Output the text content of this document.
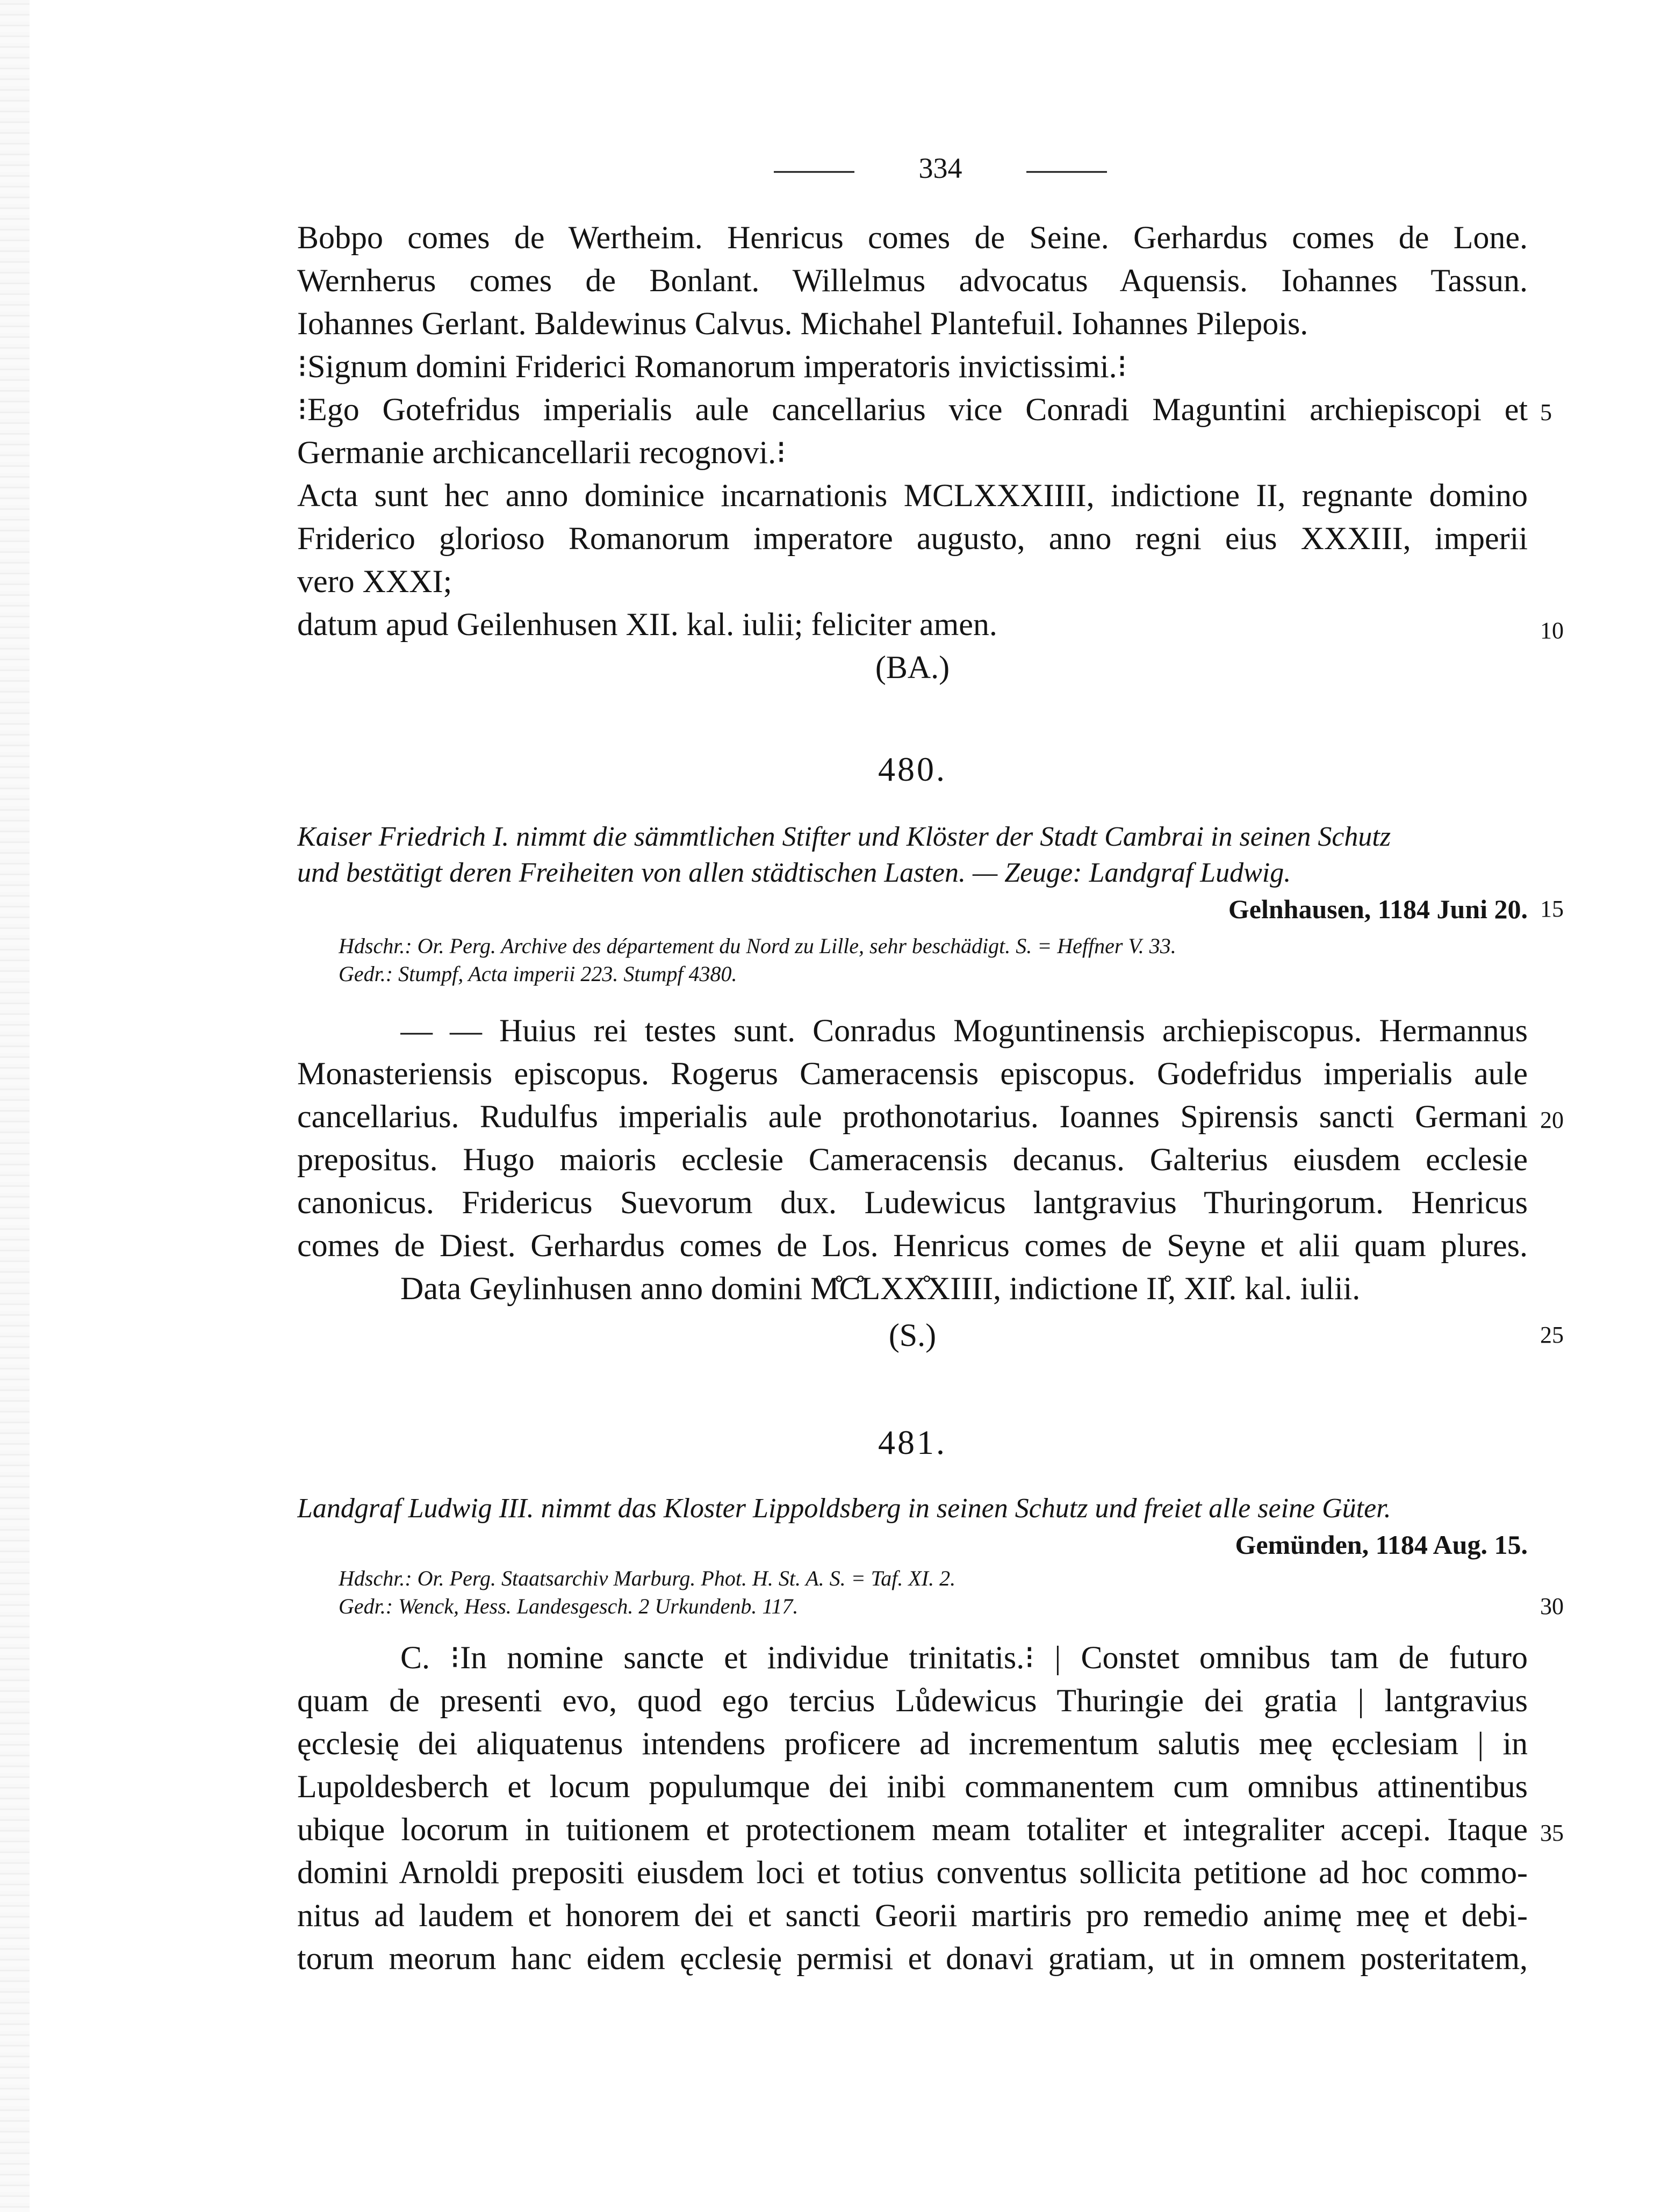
334
Bobpo comes de Wertheim. Henricus comes de Seine. Gerhardus comes de Lone.
Wernherus comes de Bonlant. Willelmus advocatus Aquensis. Iohannes Tassun.
Iohannes Gerlant. Baldewinus Calvus. Michahel Plantefuil. Iohannes Pilepois.
⁝Signum domini Friderici Romanorum imperatoris invictissimi.⁝
⁝Ego Gotefridus imperialis aule cancellarius vice Conradi Maguntini archiepiscopi et 5
Germanie archicancellarii recognovi.⁝
Acta sunt hec anno dominice incarnationis MCLXXXIIII, indictione II, regnante domino
Friderico glorioso Romanorum imperatore augusto, anno regni eius XXXIII, imperii
vero XXXI;
datum apud Geilenhusen XII. kal. iulii; feliciter amen.	10
(BA.)
480.
Kaiser Friedrich I. nimmt die sämmtlichen Stifter und Klöster der Stadt Cambrai in seinen Schutz
und bestätigt deren Freiheiten von allen städtischen Lasten. — Zeuge: Landgraf Ludwig.
Gelnhausen, 1184 Juni 20. 15
Hdschr.: Or. Perg. Archive des département du Nord zu Lille, sehr beschädigt. S. = Heffner V. 33.
Gedr.: Stumpf, Acta imperii 223. Stumpf 4380.
— — Huius rei testes sunt. Conradus Moguntinensis archiepiscopus. Hermannus
Monasteriensis episcopus. Rogerus Cameracensis episcopus. Godefridus imperialis aule
cancellarius. Rudulfus imperialis aule prothonotarius. Ioannes Spirensis sancti Germani 20
prepositus. Hugo maioris ecclesie Cameracensis decanus. Galterius eiusdem ecclesie
canonicus. Fridericus Suevorum dux. Ludewicus lantgravius Thuringorum. Henricus
comes de Diest. Gerhardus comes de Los. Henricus comes de Seyne et alii quam plures.
Data Geylinhusen anno domini M̊C̊LXX̊XIIII, indictione II̊, XII̊. kal. iulii.
(S.)	25
481.
Landgraf Ludwig III. nimmt das Kloster Lippoldsberg in seinen Schutz und freiet alle seine Güter.
Gemünden, 1184 Aug. 15.
Hdschr.: Or. Perg. Staatsarchiv Marburg. Phot. H. St. A. S. = Taf. XI. 2.
Gedr.: Wenck, Hess. Landesgesch. 2 Urkundenb. 117.	30
C. ⁝In nomine sancte et individue trinitatis.⁝ | Constet omnibus tam de futuro
quam de presenti evo, quod ego tercius Lůdewicus Thuringie dei gratia | lantgravius
ęcclesię dei aliquatenus intendens proficere ad incrementum salutis meę ęcclesiam | in
Lupoldesberch et locum populumque dei inibi commanentem cum omnibus attinentibus
ubique locorum in tuitionem et protectionem meam totaliter et integraliter accepi. Itaque 35
domini Arnoldi prepositi eiusdem loci et totius conventus sollicita petitione ad hoc commo-
nitus ad laudem et honorem dei et sancti Georii martiris pro remedio animę meę et debi-
torum meorum hanc eidem ęcclesię permisi et donavi gratiam, ut in omnem posteritatem,
